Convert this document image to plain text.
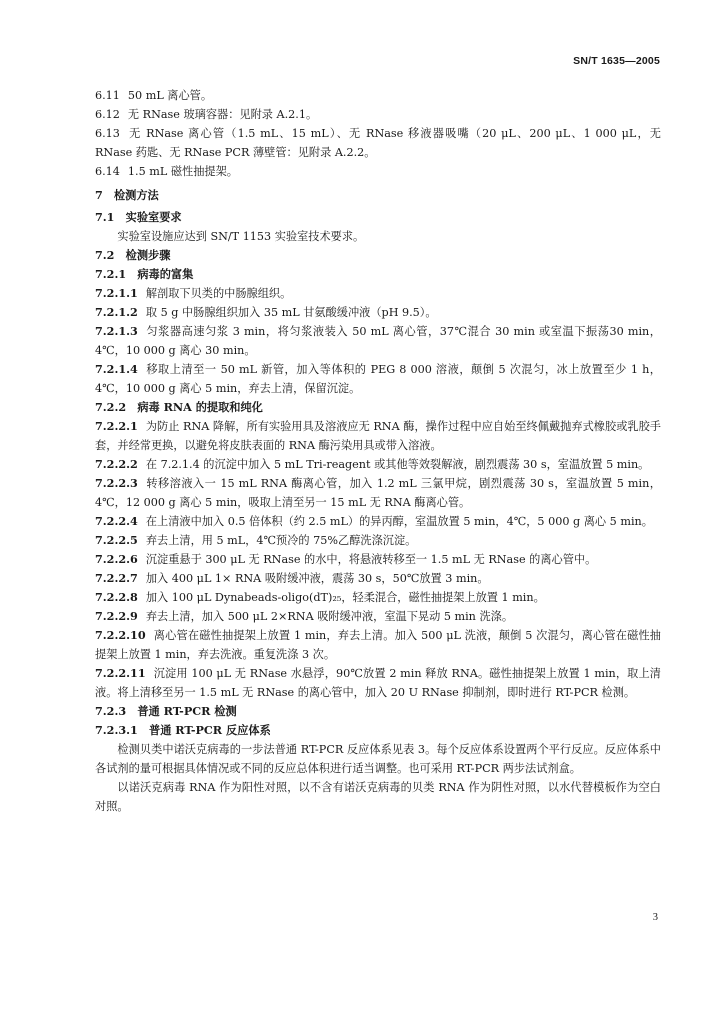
SN/T 1635—2005
6.11 50 mL 离心管。
6.12 无 RNase 玻璃容器：见附录 A.2.1。
6.13 无 RNase 离心管（1.5 mL、15 mL）、无 RNase 移液器吸嘴（20 μL、200 μL、1 000 μL，无 RNase 药匙、无 RNase PCR 薄壁管：见附录 A.2.2。
6.14 1.5 mL 磁性抽提架。
7　检测方法
7.1　实验室要求
实验室设施应达到 SN/T 1153 实验室技术要求。
7.2　检测步骤
7.2.1　病毒的富集
7.2.1.1 解剖取下贝类的中肠腺组织。
7.2.1.2 取 5 g 中肠腺组织加入 35 mL 甘氨酸缓冲液（pH 9.5）。
7.2.1.3 匀浆器高速匀浆 3 min，将匀浆液装入 50 mL 离心管，37℃混合 30 min 或室温下振荡30 min，4℃，10 000 g 离心 30 min。
7.2.1.4 移取上清至一 50 mL 新管，加入等体积的 PEG 8 000 溶液，颠倒 5 次混匀，冰上放置至少 1 h，4℃，10 000 g 离心 5 min，弃去上清，保留沉淀。
7.2.2　病毒 RNA 的提取和纯化
7.2.2.1 为防止 RNA 降解，所有实验用具及溶液应无 RNA 酶，操作过程中应自始至终佩戴抛弃式橡胶或乳胶手套，并经常更换，以避免将皮肤表面的 RNA 酶污染用具或带入溶液。
7.2.2.2 在 7.2.1.4 的沉淀中加入 5 mL Tri-reagent 或其他等效裂解液，剧烈震荡 30 s，室温放置 5 min。
7.2.2.3 转移溶液入一 15 mL RNA 酶离心管，加入 1.2 mL 三氯甲烷，剧烈震荡 30 s，室温放置 5 min，4℃，12 000 g 离心 5 min，吸取上清至另一 15 mL 无 RNA 酶离心管。
7.2.2.4 在上清液中加入 0.5 倍体积（约 2.5 mL）的异丙醇，室温放置 5 min，4℃，5 000 g 离心 5 min。
7.2.2.5 弃去上清，用 5 mL，4℃预冷的 75%乙醇洗涤沉淀。
7.2.2.6 沉淀重悬于 300 μL 无 RNase 的水中，将悬液转移至一 1.5 mL 无 RNase 的离心管中。
7.2.2.7 加入 400 μL 1× RNA 吸附缓冲液，震荡 30 s，50℃放置 3 min。
7.2.2.8 加入 100 μL Dynabeads-oligo(dT)₂₅，轻柔混合，磁性抽提架上放置 1 min。
7.2.2.9 弃去上清，加入 500 μL 2×RNA 吸附缓冲液，室温下晃动 5 min 洗涤。
7.2.2.10 离心管在磁性抽提架上放置 1 min，弃去上清。加入 500 μL 洗液，颠倒 5 次混匀，离心管在磁性抽提架上放置 1 min，弃去洗液。重复洗涤 3 次。
7.2.2.11 沉淀用 100 μL 无 RNase 水悬浮，90℃放置 2 min 释放 RNA。磁性抽提架上放置 1 min，取上清液。将上清移至另一 1.5 mL 无 RNase 的离心管中，加入 20 U RNase 抑制剂，即时进行 RT-PCR 检测。
7.2.3　普通 RT-PCR 检测
7.2.3.1　普通 RT-PCR 反应体系
检测贝类中诺沃克病毒的一步法普通 RT-PCR 反应体系见表 3。每个反应体系设置两个平行反应。反应体系中各试剂的量可根据具体情况或不同的反应总体积进行适当调整。也可采用 RT-PCR 两步法试剂盒。
以诺沃克病毒 RNA 作为阳性对照，以不含有诺沃克病毒的贝类 RNA 作为阴性对照，以水代替模板作为空白对照。
3
